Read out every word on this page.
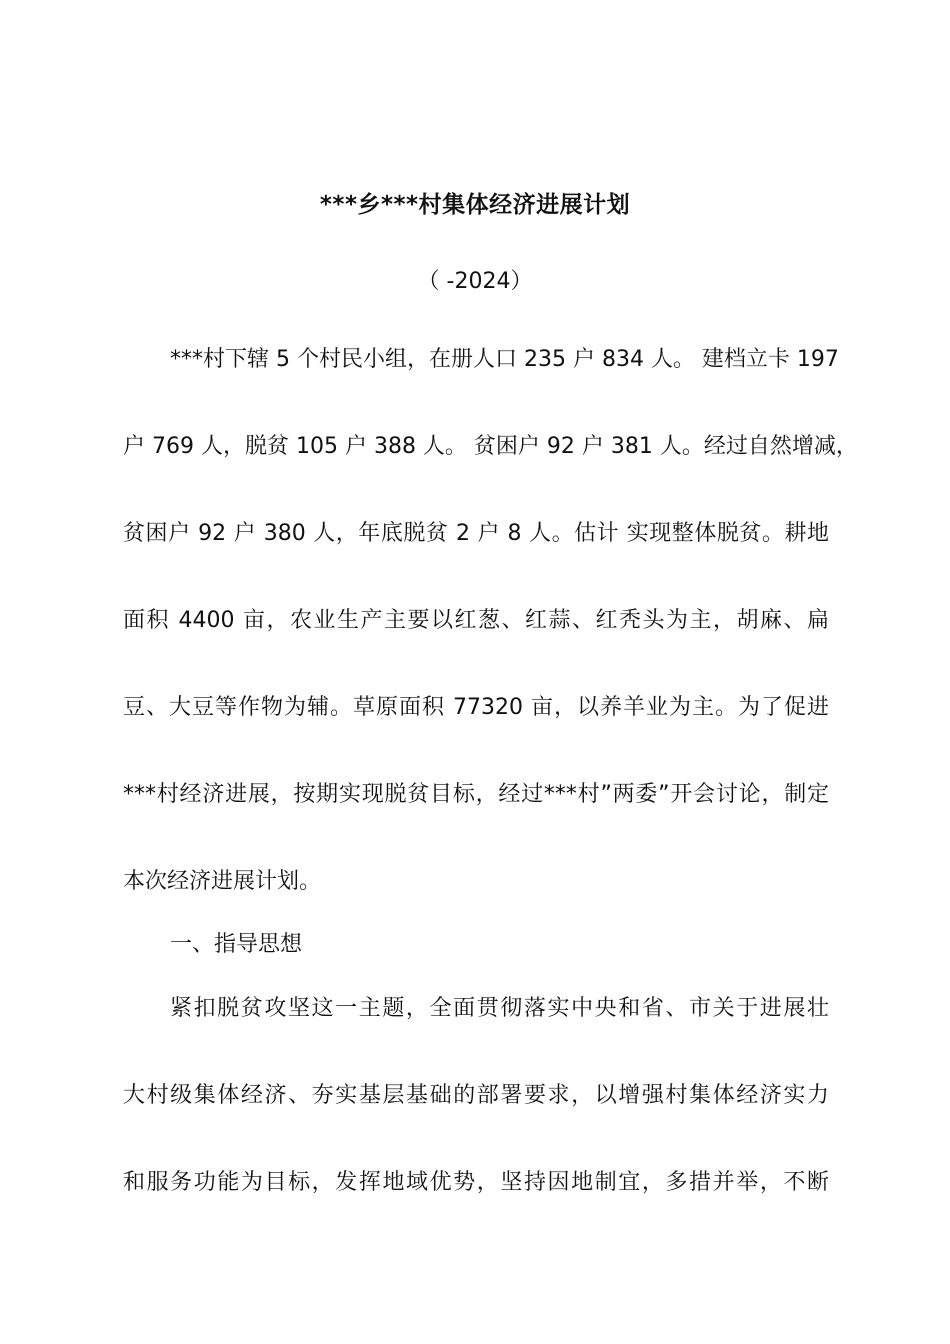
***乡***村集体经济进展计划
（ -2024）
***村下辖 5 个村民小组，在册人口 235 户 834 人。 建档立卡 197
户 769 人，脱贫 105 户 388 人。 贫困户 92 户 381 人。经过自然增减，
贫困户 92 户 380 人，年底脱贫 2 户 8 人。估计 实现整体脱贫。耕地
面积 4400 亩，农业生产主要以红葱、红蒜、红秃头为主，胡麻、扁
豆、大豆等作物为辅。草原面积 77320 亩，以养羊业为主。为了促进
***村经济进展，按期实现脱贫目标，经过***村”两委”开会讨论，制定
本次经济进展计划。
一、指导思想
紧扣脱贫攻坚这一主题，全面贯彻落实中央和省、市关于进展壮
大村级集体经济、夯实基层基础的部署要求，以增强村集体经济实力
和服务功能为目标，发挥地域优势，坚持因地制宜，多措并举，不断
